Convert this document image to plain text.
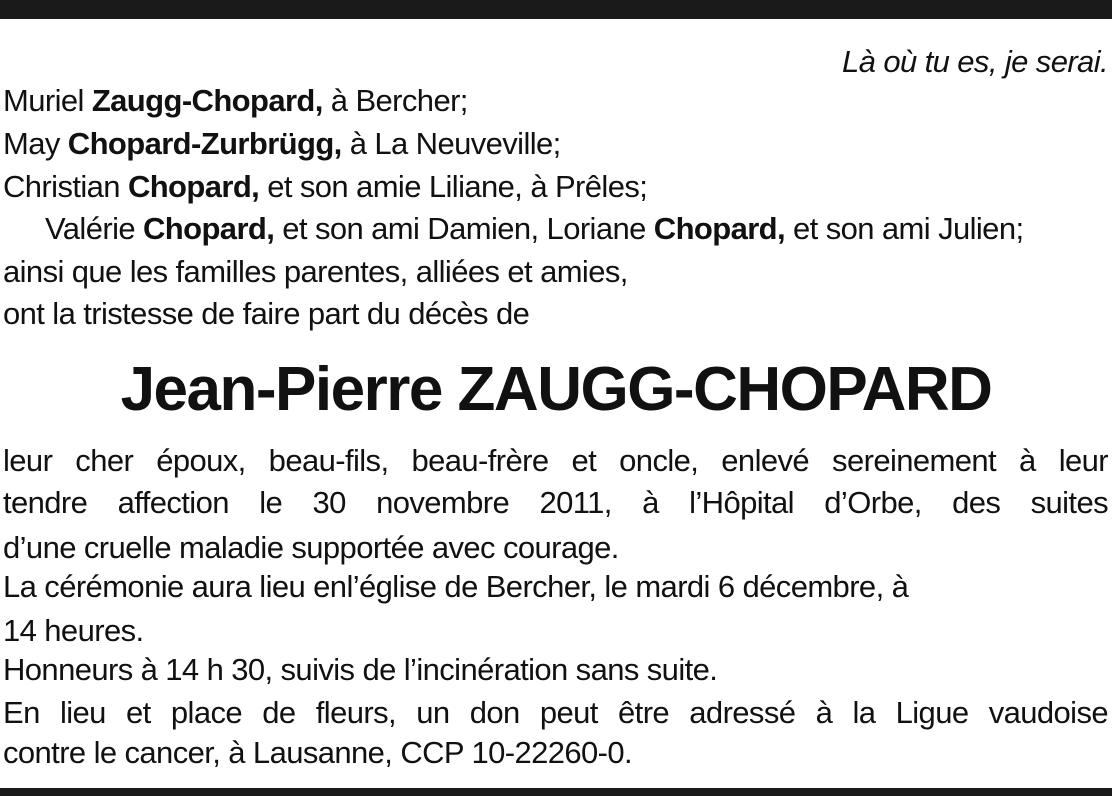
Là où tu es, je serai.
Muriel Zaugg-Chopard, à Bercher;
May Chopard-Zurbrügg, à La Neuveville;
Christian Chopard, et son amie Liliane, à Prêles;
Valérie Chopard, et son ami Damien, Loriane Chopard, et son ami Julien;
ainsi que les familles parentes, alliées et amies,
ont la tristesse de faire part du décès de
Jean-Pierre ZAUGG-CHOPARD
leur cher époux, beau-fils, beau-frère et oncle, enlevé sereinement à leur
tendre affection le 30 novembre 2011, à l’Hôpital d’Orbe, des suites
d’une cruelle maladie supportée avec courage.
La cérémonie aura lieu enl’église de Bercher, le mardi 6 décembre, à
14 heures.
Honneurs à 14 h 30, suivis de l’incinération sans suite.
En lieu et place de fleurs, un don peut être adressé à la Ligue vaudoise
contre le cancer, à Lausanne, CCP 10-22260-0.
